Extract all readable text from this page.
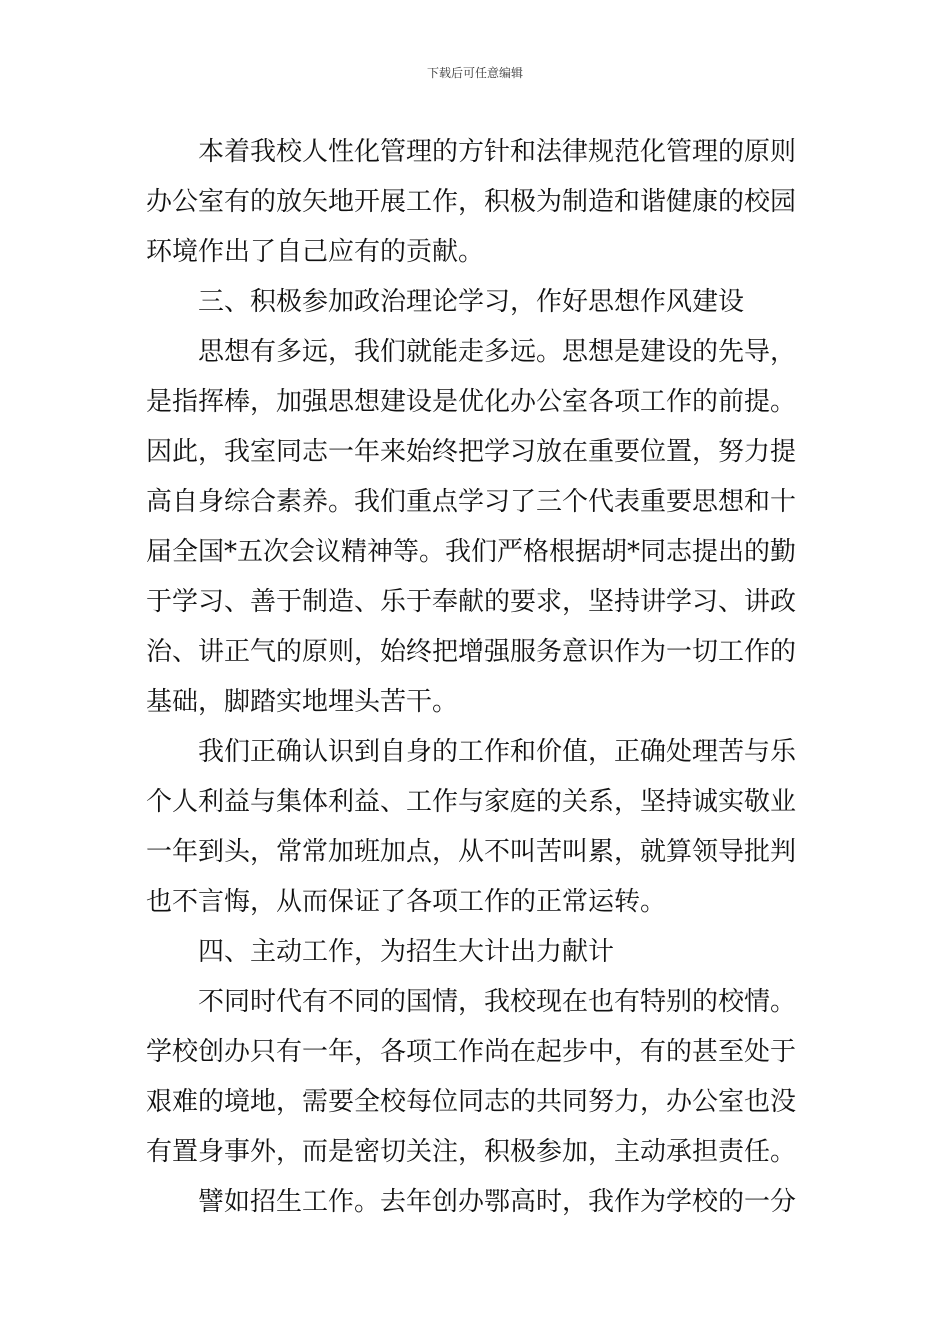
下载后可任意编辑
本着我校人性化管理的方针和法律规范化管理的原则
办公室有的放矢地开展工作，积极为制造和谐健康的校园
环境作出了自己应有的贡献。
三、积极参加政治理论学习，作好思想作风建设
思想有多远，我们就能走多远。思想是建设的先导，
是指挥棒，加强思想建设是优化办公室各项工作的前提。
因此，我室同志一年来始终把学习放在重要位置，努力提
高自身综合素养。我们重点学习了三个代表重要思想和十
届全国*五次会议精神等。我们严格根据胡*同志提出的勤
于学习、善于制造、乐于奉献的要求，坚持讲学习、讲政
治、讲正气的原则，始终把增强服务意识作为一切工作的
基础，脚踏实地埋头苦干。
我们正确认识到自身的工作和价值，正确处理苦与乐
个人利益与集体利益、工作与家庭的关系，坚持诚实敬业
一年到头，常常加班加点，从不叫苦叫累，就算领导批判
也不言悔，从而保证了各项工作的正常运转。
四、主动工作，为招生大计出力献计
不同时代有不同的国情，我校现在也有特别的校情。
学校创办只有一年，各项工作尚在起步中，有的甚至处于
艰难的境地，需要全校每位同志的共同努力，办公室也没
有置身事外，而是密切关注，积极参加，主动承担责任。
譬如招生工作。去年创办鄂高时，我作为学校的一分
